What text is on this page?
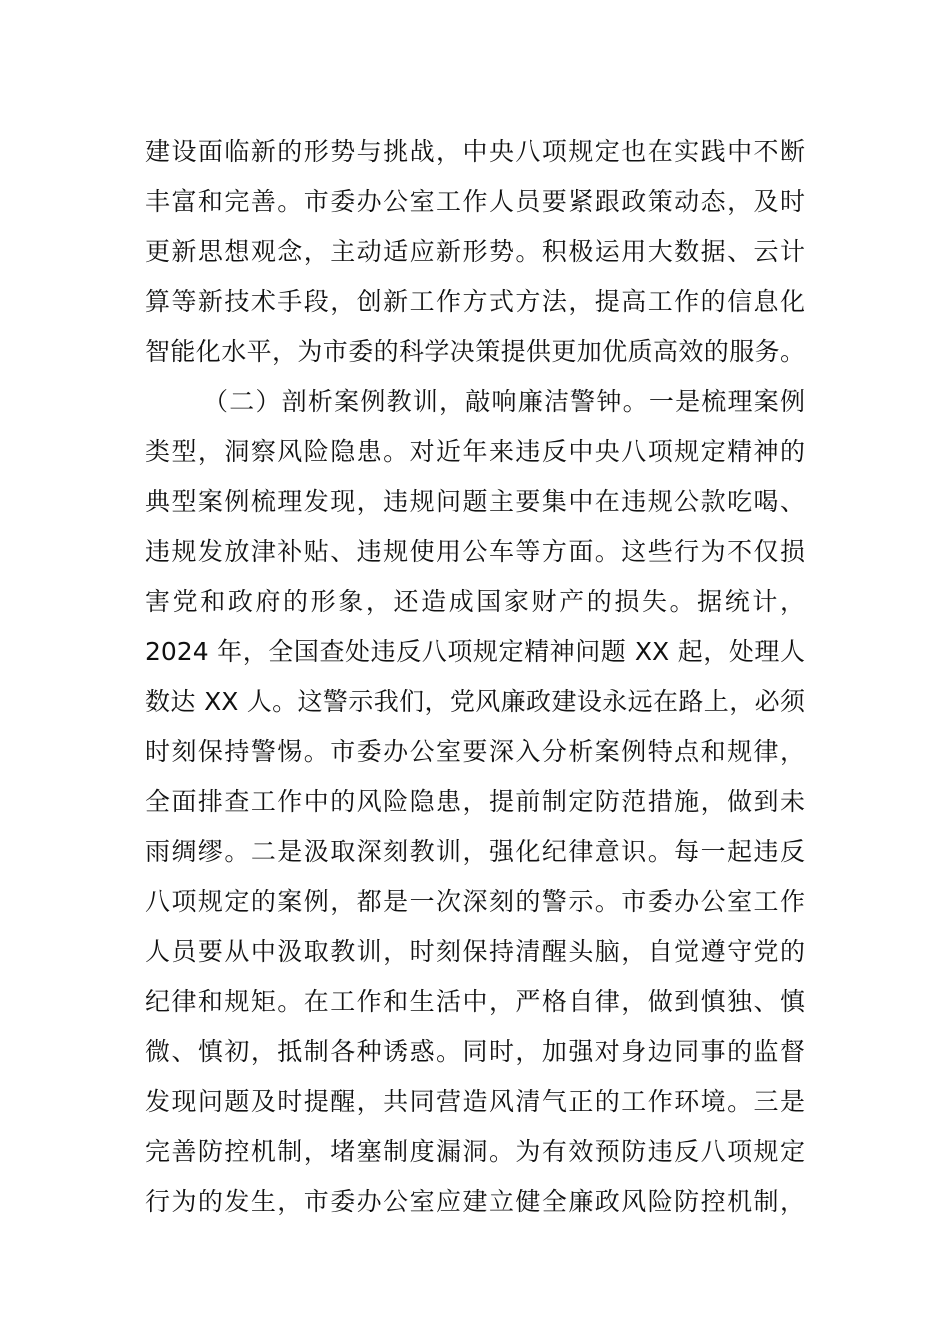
建设面临新的形势与挑战，中央八项规定也在实践中不断
丰富和完善。市委办公室工作人员要紧跟政策动态，及时
更新思想观念，主动适应新形势。积极运用大数据、云计
算等新技术手段，创新工作方式方法，提高工作的信息化
智能化水平，为市委的科学决策提供更加优质高效的服务。
（二）剖析案例教训，敲响廉洁警钟。一是梳理案例
类型，洞察风险隐患。对近年来违反中央八项规定精神的
典型案例梳理发现，违规问题主要集中在违规公款吃喝、
违规发放津补贴、违规使用公车等方面。这些行为不仅损
害党和政府的形象，还造成国家财产的损失。据统计，
2024 年，全国查处违反八项规定精神问题 XX 起，处理人
数达 XX 人。这警示我们，党风廉政建设永远在路上，必须
时刻保持警惕。市委办公室要深入分析案例特点和规律，
全面排查工作中的风险隐患，提前制定防范措施，做到未
雨绸缪。二是汲取深刻教训，强化纪律意识。每一起违反
八项规定的案例，都是一次深刻的警示。市委办公室工作
人员要从中汲取教训，时刻保持清醒头脑，自觉遵守党的
纪律和规矩。在工作和生活中，严格自律，做到慎独、慎
微、慎初，抵制各种诱惑。同时，加强对身边同事的监督
发现问题及时提醒，共同营造风清气正的工作环境。三是
完善防控机制，堵塞制度漏洞。为有效预防违反八项规定
行为的发生，市委办公室应建立健全廉政风险防控机制，
